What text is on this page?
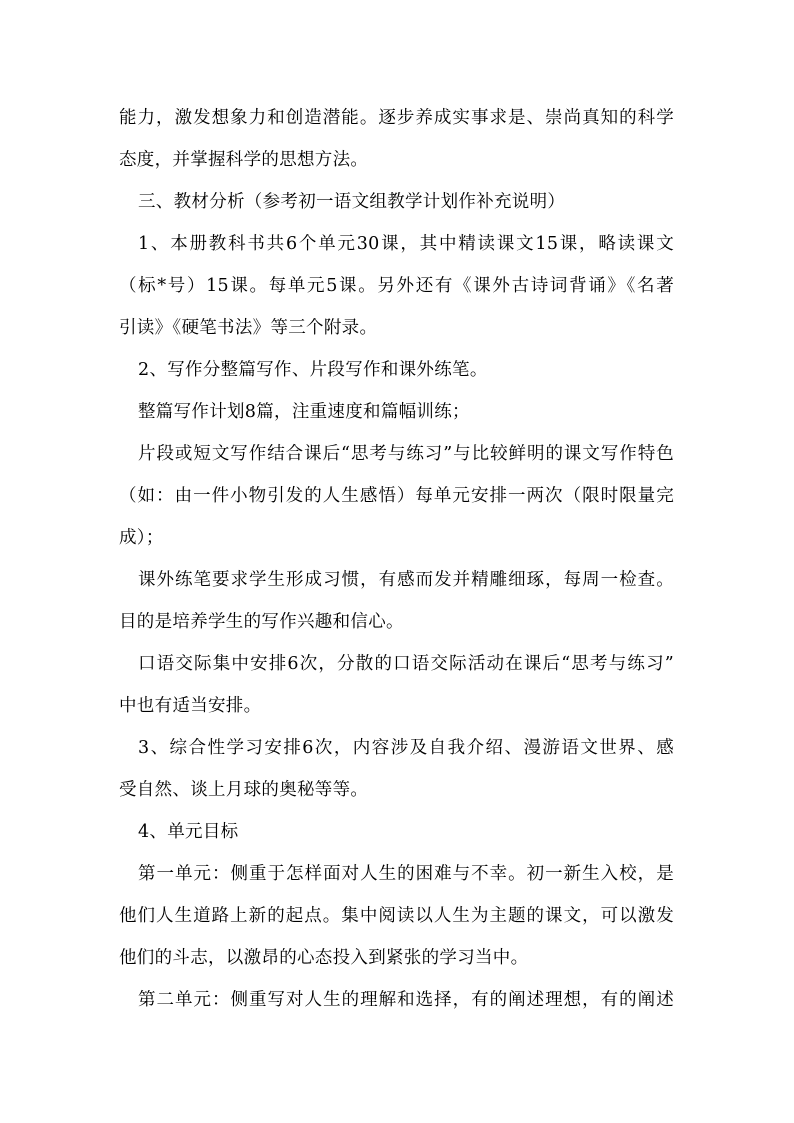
能力，激发想象力和创造潜能。逐步养成实事求是、崇尚真知的科学
态度，并掌握科学的思想方法。
三、教材分析（参考初一语文组教学计划作补充说明）
1、本册教科书共6个单元30课，其中精读课文15课，略读课文
（标*号）15课。每单元5课。另外还有《课外古诗词背诵》《名著
引读》《硬笔书法》等三个附录。
2、写作分整篇写作、片段写作和课外练笔。
整篇写作计划8篇，注重速度和篇幅训练；
片段或短文写作结合课后“思考与练习”与比较鲜明的课文写作特色
（如：由一件小物引发的人生感悟）每单元安排一两次（限时限量完
成）；
课外练笔要求学生形成习惯，有感而发并精雕细琢，每周一检查。
目的是培养学生的写作兴趣和信心。
口语交际集中安排6次，分散的口语交际活动在课后“思考与练习”
中也有适当安排。
3、综合性学习安排6次，内容涉及自我介绍、漫游语文世界、感
受自然、谈上月球的奥秘等等。
4、单元目标
第一单元：侧重于怎样面对人生的困难与不幸。初一新生入校，是
他们人生道路上新的起点。集中阅读以人生为主题的课文，可以激发
他们的斗志，以激昂的心态投入到紧张的学习当中。
第二单元：侧重写对人生的理解和选择，有的阐述理想，有的阐述
